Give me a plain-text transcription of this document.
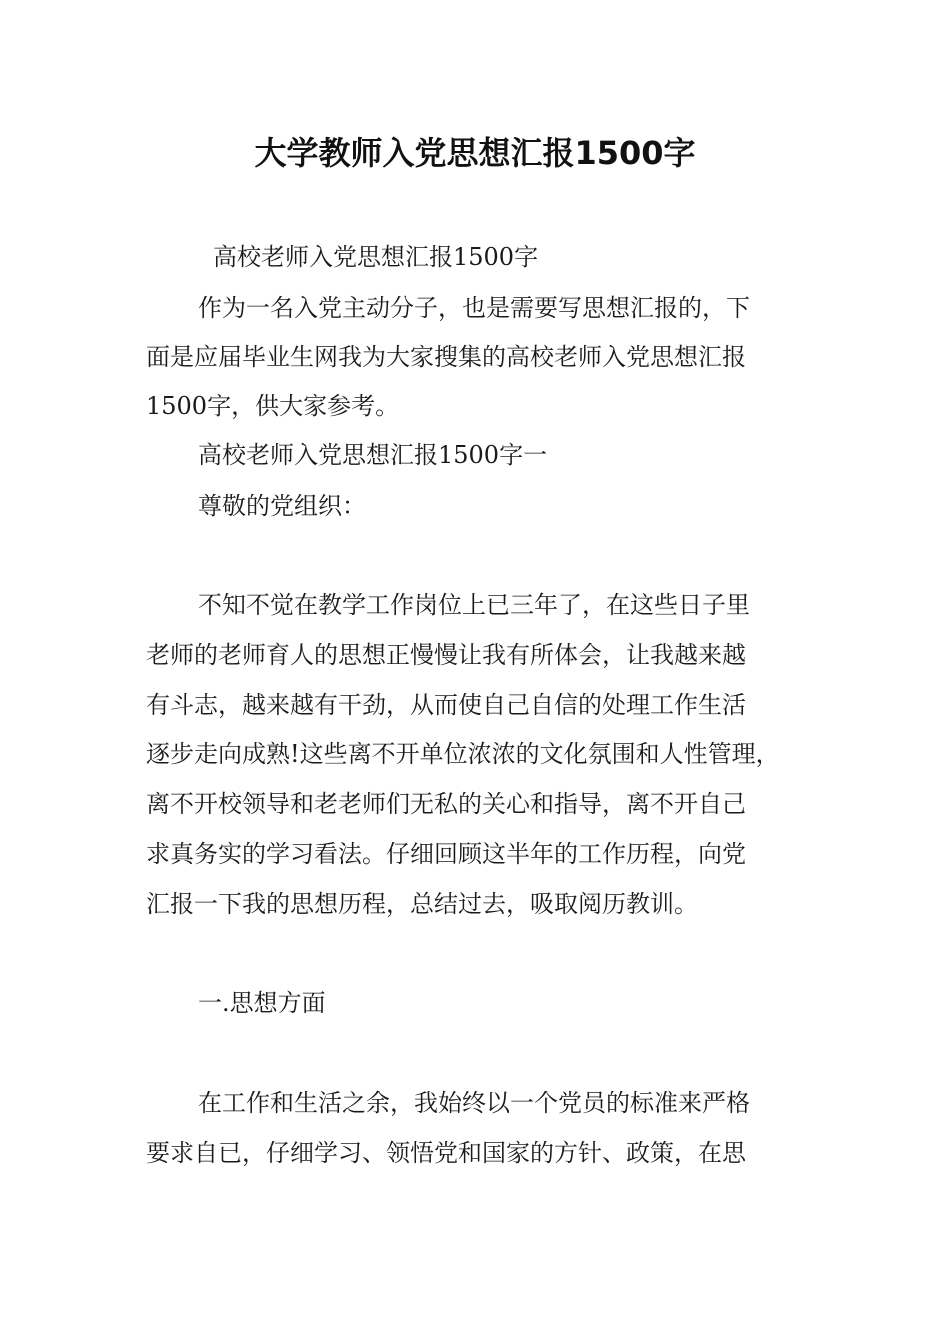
大学教师入党思想汇报1500字

高校老师入党思想汇报1500字

作为一名入党主动分子，也是需要写思想汇报的，下

面是应届毕业生网我为大家搜集的高校老师入党思想汇报

1500字，供大家参考。

高校老师入党思想汇报1500字一

尊敬的党组织：

不知不觉在教学工作岗位上已三年了，在这些日子里

老师的老师育人的思想正慢慢让我有所体会，让我越来越

有斗志，越来越有干劲，从而使自己自信的处理工作生活

逐步走向成熟!这些离不开单位浓浓的文化氛围和人性管理，

离不开校领导和老老师们无私的关心和指导，离不开自己

求真务实的学习看法。仔细回顾这半年的工作历程，向党

汇报一下我的思想历程，总结过去，吸取阅历教训。

一.思想方面

在工作和生活之余，我始终以一个党员的标准来严格

要求自已，仔细学习、领悟党和国家的方针、政策，在思
